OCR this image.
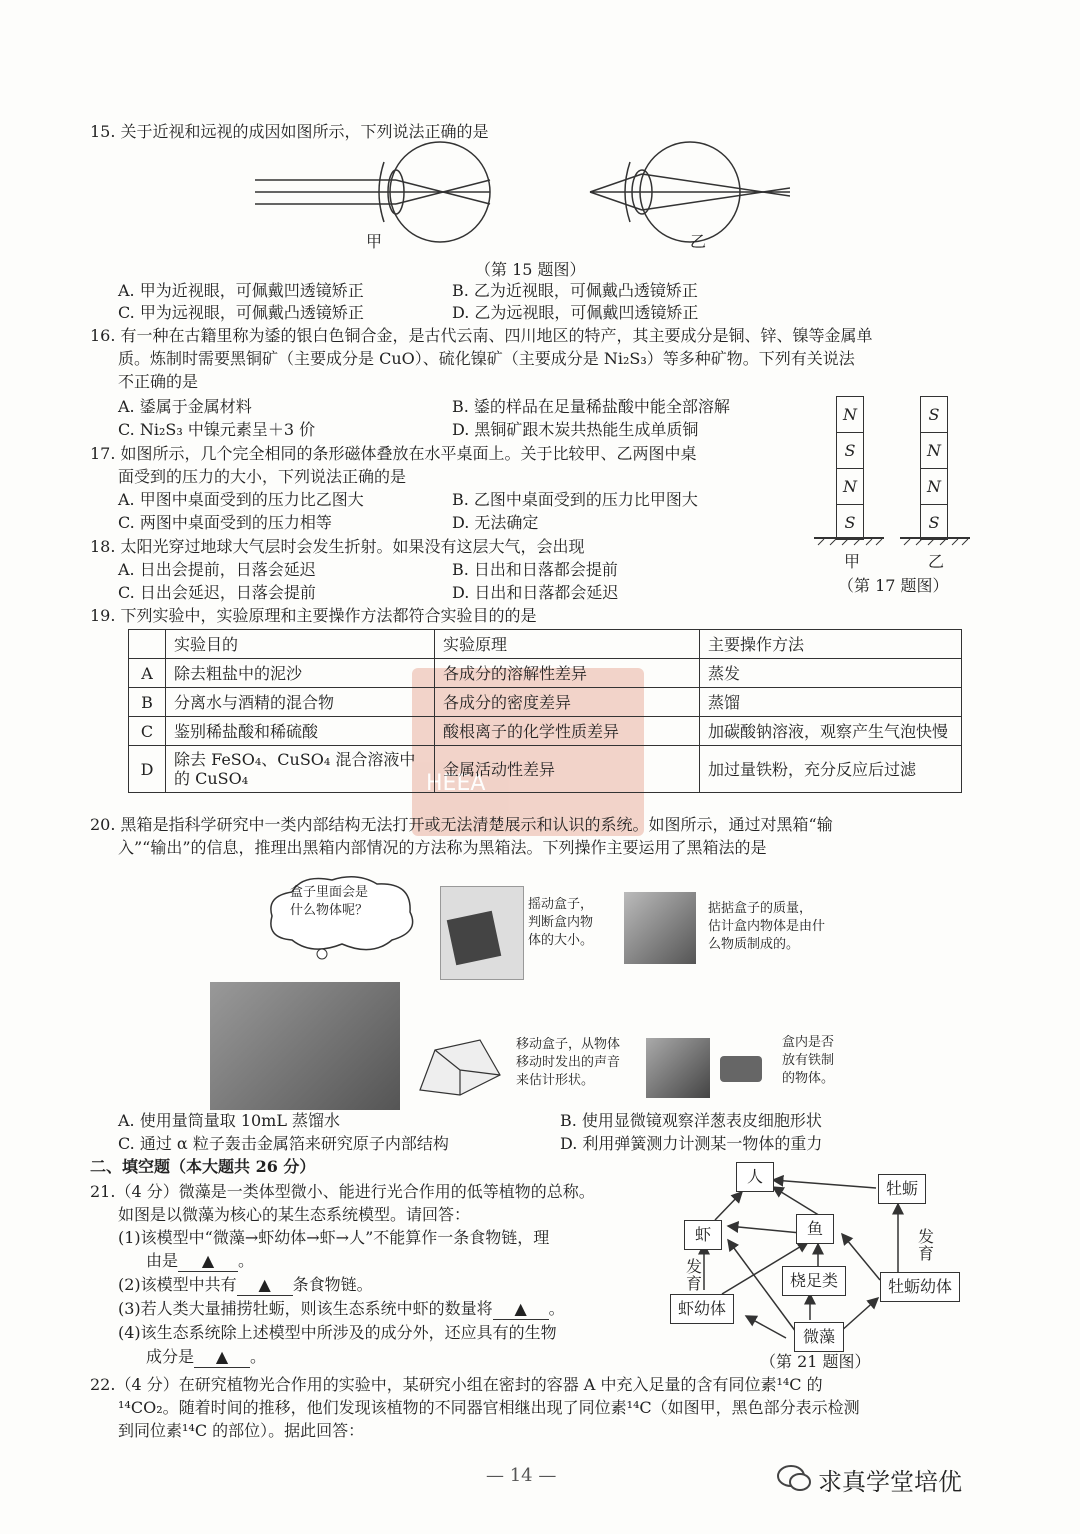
15. 关于近视和远视的成因如图所示，下列说法正确的是
甲	乙
（第 15 题图）
A. 甲为近视眼，可佩戴凹透镜矫正	B. 乙为近视眼，可佩戴凸透镜矫正
C. 甲为远视眼，可佩戴凸透镜矫正	D. 乙为远视眼，可佩戴凹透镜矫正
16. 有一种在古籍里称为鋈的银白色铜合金，是古代云南、四川地区的特产，其主要成分是铜、锌、镍等金属单
质。炼制时需要黑铜矿（主要成分是 CuO）、硫化镍矿（主要成分是 Ni₂S₃）等多种矿物。下列有关说法
不正确的是
A. 鋈属于金属材料	B. 鋈的样品在足量稀盐酸中能全部溶解
C. Ni₂S₃ 中镍元素呈＋3 价	D. 黑铜矿跟木炭共热能生成单质铜
17. 如图所示，几个完全相同的条形磁体叠放在水平桌面上。关于比较甲、乙两图中桌
面受到的压力的大小，下列说法正确的是
A. 甲图中桌面受到的压力比乙图大	B. 乙图中桌面受到的压力比甲图大
C. 两图中桌面受到的压力相等	D. 无法确定
N
S
N
S
S
N
N
S
甲	乙
（第 17 题图）
18. 太阳光穿过地球大气层时会发生折射。如果没有这层大气，会出现
A. 日出会提前，日落会延迟	B. 日出和日落都会提前
C. 日出会延迟，日落会提前	D. 日出和日落都会延迟
19. 下列实验中，实验原理和主要操作方法都符合实验目的的是
HEEA
	实验目的	实验原理	主要操作方法
A	除去粗盐中的泥沙	各成分的溶解性差异	蒸发
B	分离水与酒精的混合物	各成分的密度差异	蒸馏
C	鉴别稀盐酸和稀硫酸	酸根离子的化学性质差异	加碳酸钠溶液，观察产生气泡快慢
D	除去 FeSO₄、CuSO₄ 混合溶液中的 CuSO₄	金属活动性差异	加过量铁粉，充分反应后过滤
20. 黑箱是指科学研究中一类内部结构无法打开或无法清楚展示和认识的系统。如图所示，通过对黑箱“输
入”“输出”的信息，推理出黑箱内部情况的方法称为黑箱法。下列操作主要运用了黑箱法的是
盒子里面会是
什么物体呢？	摇动盒子，
判断盒内物
体的大小。
掂掂盒子的质量，
估计盒内物体是由什
么物质制成的。
移动盒子，从物体
移动时发出的声音
来估计形状。
盒内是否
放有铁制
的物体。
A. 使用量筒量取 10mL 蒸馏水	B. 使用显微镜观察洋葱表皮细胞形状
C. 通过 α 粒子轰击金属箔来研究原子内部结构	D. 利用弹簧测力计测某一物体的重力
二、填空题（本大题共 26 分）
21.（4 分）微藻是一类体型微小、能进行光合作用的低等植物的总称。
如图是以微藻为核心的某生态系统模型。请回答：
(1)该模型中“微藻→虾幼体→虾→人”不能算作一条食物链，理
由是 ▲ 。
(2)该模型中共有 ▲ 条食物链。
(3)若人类大量捕捞牡蛎，则该生态系统中虾的数量将 ▲ 。
(4)该生态系统除上述模型中所涉及的成分外，还应具有的生物
成分是 ▲ 。
人
牡蛎
虾	鱼
桡足类
虾幼体
微藻
牡蛎幼体
发育
发育
（第 21 题图）
22.（4 分）在研究植物光合作用的实验中，某研究小组在密封的容器 A 中充入足量的含有同位素¹⁴C 的
¹⁴CO₂。随着时间的推移，他们发现该植物的不同器官相继出现了同位素¹⁴C（如图甲，黑色部分表示检测
到同位素¹⁴C 的部位）。据此回答：
— 14 —	求真学堂培优
